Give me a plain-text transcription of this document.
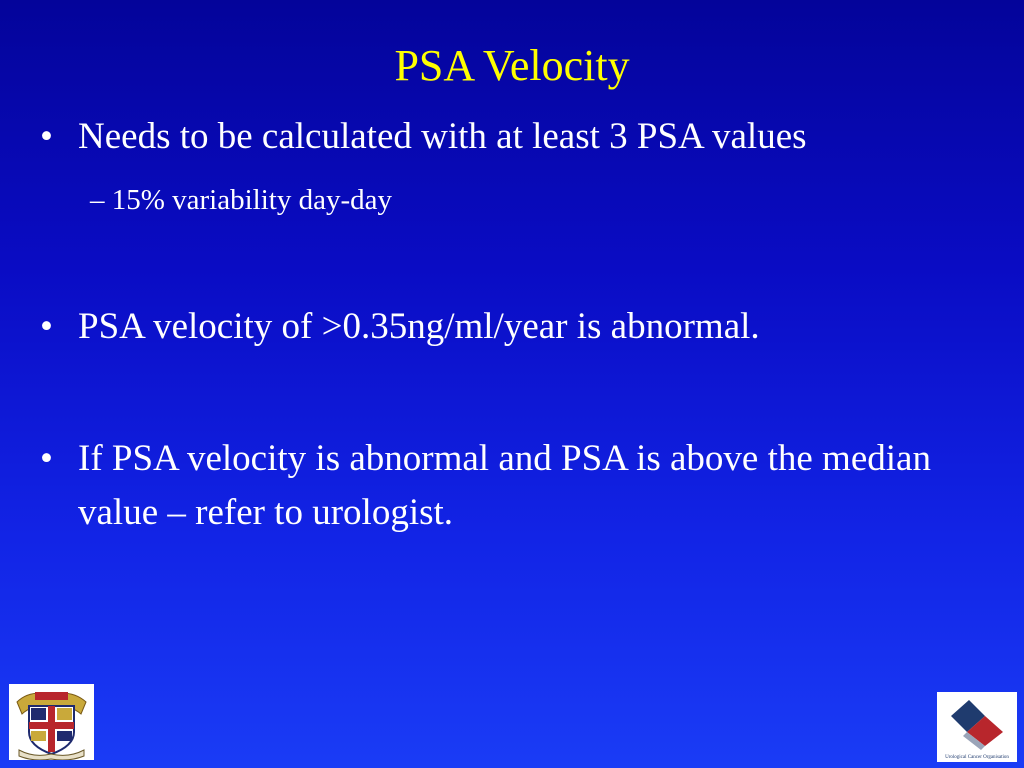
PSA Velocity
• Needs to be calculated with at least 3 PSA values
– 15% variability day-day
• PSA velocity of >0.35ng/ml/year is abnormal.
• If PSA velocity is abnormal and PSA is above the median value – refer to urologist.
Urological Cancer Organisation
